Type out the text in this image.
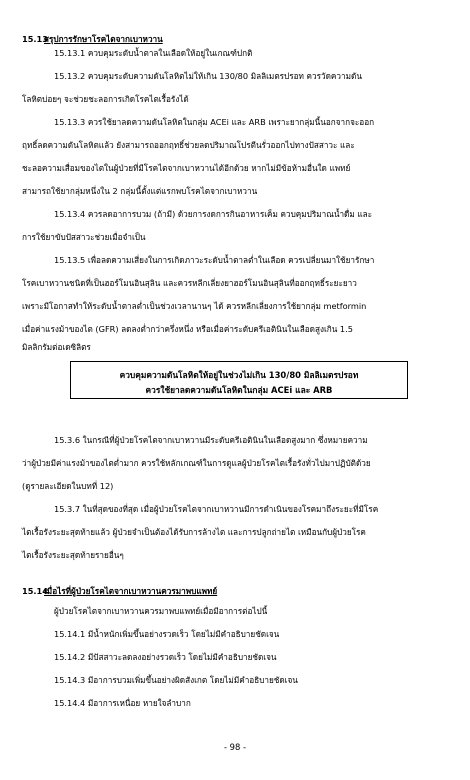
15.13สรุปการรักษาโรคไตจากเบาหวาน
15.13.1 ควบคุมระดับน้ำตาลในเลือดให้อยู่ในเกณฑ์ปกติ
15.13.2 ควบคุมระดับความดันโลหิตไม่ให้เกิน 130/80 มิลลิเมตรปรอท ควรวัดความดัน
โลหิตบ่อยๆ จะช่วยชะลอการเกิดโรคไตเรื้อรังได้
15.13.3 ควรใช้ยาลดความดันโลหิตในกลุ่ม ACEi และ ARB เพราะยากลุ่มนี้นอกจากจะออก
ฤทธิ์ลดความดันโลหิตแล้ว ยังสามารถออกฤทธิ์ช่วยลดปริมาณโปรตีนรั่วออกไปทางปัสสาวะ และ
ชะลอความเสื่อมของไตในผู้ป่วยที่มีโรคไตจากเบาหวานได้อีกด้วย หากไม่มีข้อห้ามอื่นใด แพทย์
สามารถใช้ยากลุ่มหนึ่งใน 2 กลุ่มนี้ตั้งแต่แรกพบโรคไตจากเบาหวาน
15.13.4 ควรลดอาการบวม (ถ้ามี) ด้วยการงดการกินอาหารเค็ม ควบคุมปริมาณน้ำดื่ม และ
การใช้ยาขับปัสสาวะช่วยเมื่อจำเป็น
15.13.5 เพื่อลดความเสี่ยงในการเกิดภาวะระดับน้ำตาลต่ำในเลือด ควรเปลี่ยนมาใช้ยารักษา
โรคเบาหวานชนิดที่เป็นฮอร์โมนอินสุลิน และควรหลีกเลี่ยงยาฮอร์โมนอินสุลินที่ออกฤทธิ์ระยะยาว
เพราะมีโอกาสทำให้ระดับน้ำตาลต่ำเป็นช่วงเวลานานๆ ได้ ควรหลีกเลี่ยงการใช้ยากลุ่ม metformin
เมื่อค่าแรงม้าของไต (GFR) ลดลงต่ำกว่าครึ่งหนึ่ง หรือเมื่อค่าระดับครีเอตินินในเลือดสูงเกิน 1.5
มิลลิกรัมต่อเดซิลิตร
ควบคุมความดันโลหิตให้อยู่ในช่วงไม่เกิน 130/80 มิลลิเมตรปรอท
ควรใช้ยาลดความดันโลหิตในกลุ่ม ACEi และ ARB
15.3.6 ในกรณีที่ผู้ป่วยโรคไตจากเบาหวานมีระดับครีเอตินินในเลือดสูงมาก ซึ่งหมายความ
ว่าผู้ป่วยมีค่าแรงม้าของไตต่ำมาก ควรใช้หลักเกณฑ์ในการดูแลผู้ป่วยโรคไตเรื้อรังทั่วไปมาปฏิบัติด้วย
(ดูรายละเอียดในบทที่ 12)
15.3.7 ในที่สุดของที่สุด เมื่อผู้ป่วยโรคไตจากเบาหวานมีการดำเนินของโรคมาถึงระยะที่มีโรค
ไตเรื้อรังระยะสุดท้ายแล้ว ผู้ป่วยจำเป็นต้องได้รับการล้างไต และการปลูกถ่ายไต เหมือนกับผู้ป่วยโรค
ไตเรื้อรังระยะสุดท้ายรายอื่นๆ
15.14เมื่อไรที่ผู้ป่วยโรคไตจากเบาหวานควรมาพบแพทย์
ผู้ป่วยโรคไตจากเบาหวานควรมาพบแพทย์เมื่อมีอาการต่อไปนี้
15.14.1 มีน้ำหนักเพิ่มขึ้นอย่างรวดเร็ว โดยไม่มีคำอธิบายชัดเจน
15.14.2 มีปัสสาวะลดลงอย่างรวดเร็ว โดยไม่มีคำอธิบายชัดเจน
15.14.3 มีอาการบวมเพิ่มขึ้นอย่างผิดสังเกต โดยไม่มีคำอธิบายชัดเจน
15.14.4 มีอาการเหนื่อย หายใจลำบาก
- 98 -
